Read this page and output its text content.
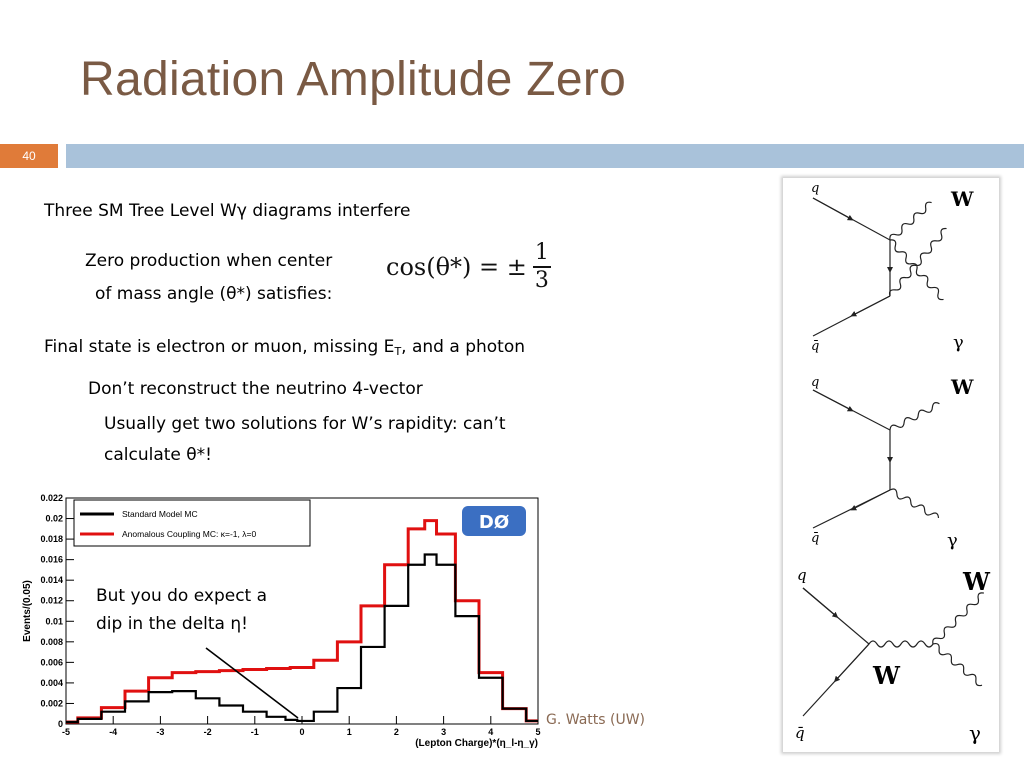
Radiation Amplitude Zero
40
Three SM Tree Level Wγ diagrams interfere
Zero production when center
of mass angle (θ*) satisfies:
cos(θ*) = ± $\frac{1}{3}$
Final state is electron or muon, missing $E_T$, and a photon
Don’t reconstruct the neutrino 4-vector
Usually get two solutions for W’s rapidity: can’t
calculate θ*!
q
q̄
W
γ
q
q̄
W
γ
q
q̄
W
W
γ
0
0.002
0.004
0.006
0.008
0.01
0.012
0.014
0.016
0.018
0.02
0.022
-5	-4	-3	-2	-1	0	1	2	3	4	5
Events/(0.05)
(Lepton Charge)*(η_l-η_γ)
Standard Model MC
Anomalous Coupling MC: κ=-1, λ=0
DØ
But you do expect a
dip in the delta η!
G. Watts (UW)
